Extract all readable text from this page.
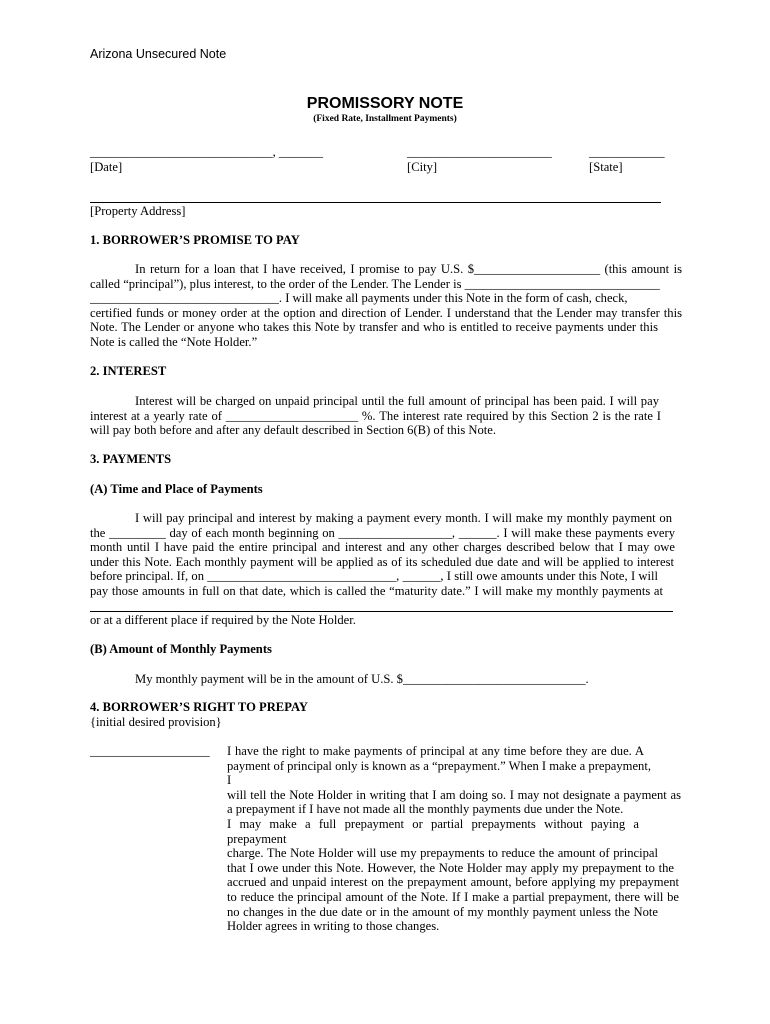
Arizona Unsecured Note
PROMISSORY NOTE
(Fixed Rate, Installment Payments)
_____________________________, _______
[Date]
_______________________
[City]
____________
[State]
[Property Address]
1. BORROWER’S PROMISE TO PAY
In return for a loan that I have received, I promise to pay U.S. $____________________ (this amount is
called “principal”), plus interest, to the order of the Lender. The Lender is _______________________________
______________________________. I will make all payments under this Note in the form of cash, check,
certified funds or money order at the option and direction of Lender. I understand that the Lender may transfer this
Note. The Lender or anyone who takes this Note by transfer and who is entitled to receive payments under this
Note is called the “Note Holder.”
2. INTEREST
Interest will be charged on unpaid principal until the full amount of principal has been paid. I will pay
interest at a yearly rate of _____________________ %. The interest rate required by this Section 2 is the rate I
will pay both before and after any default described in Section 6(B) of this Note.
3. PAYMENTS
(A) Time and Place of Payments
I will pay principal and interest by making a payment every month. I will make my monthly payment on
the _________ day of each month beginning on __________________, ______. I will make these payments every
month until I have paid the entire principal and interest and any other charges described below that I may owe
under this Note. Each monthly payment will be applied as of its scheduled due date and will be applied to interest
before principal. If, on ______________________________, ______, I still owe amounts under this Note, I will
pay those amounts in full on that date, which is called the “maturity date.” I will make my monthly payments at
or at a different place if required by the Note Holder.
(B) Amount of Monthly Payments
My monthly payment will be in the amount of U.S. $_____________________________.
4. BORROWER’S RIGHT TO PREPAY
{initial desired provision}
___________________ I have the right to make payments of principal at any time before they are due. A
payment of principal only is known as a “prepayment.” When I make a prepayment, I
will tell the Note Holder in writing that I am doing so. I may not designate a payment as
a prepayment if I have not made all the monthly payments due under the Note.
I may make a full prepayment or partial prepayments without paying a prepayment
charge. The Note Holder will use my prepayments to reduce the amount of principal
that I owe under this Note. However, the Note Holder may apply my prepayment to the
accrued and unpaid interest on the prepayment amount, before applying my prepayment
to reduce the principal amount of the Note. If I make a partial prepayment, there will be
no changes in the due date or in the amount of my monthly payment unless the Note
Holder agrees in writing to those changes.
